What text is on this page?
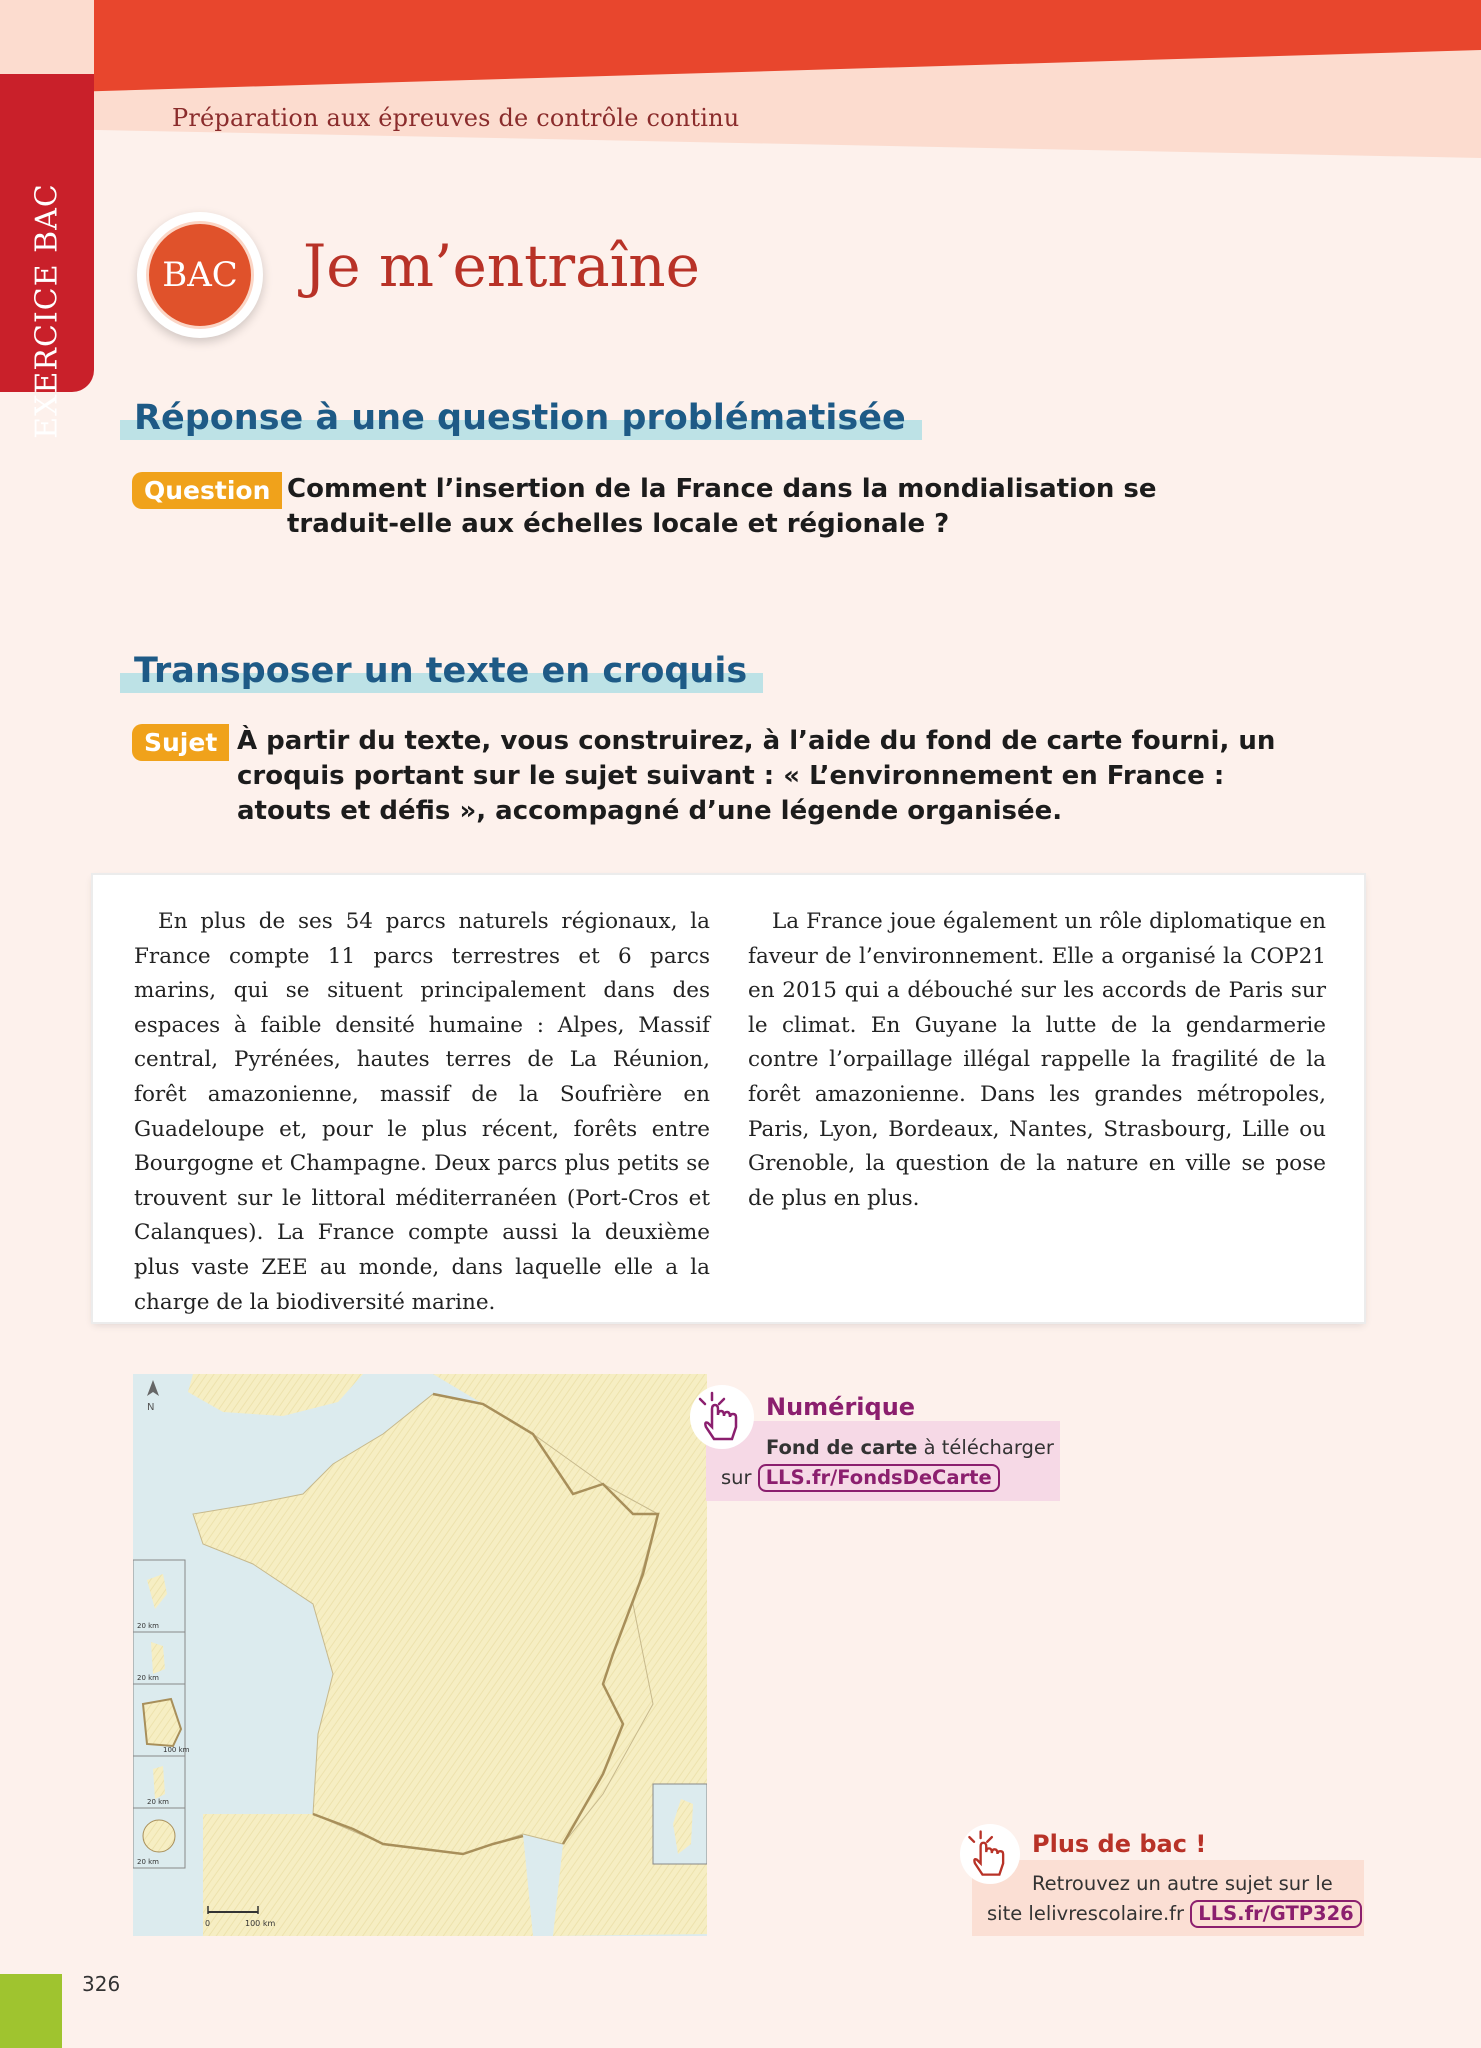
Préparation aux épreuves de contrôle continu
EXERCICE BAC	BAC Je m’entraîne
Réponse à une question problématisée
Question Comment l’insertion de la France dans la mondialisation se traduit-elle aux échelles locale et régionale ?
Transposer un texte en croquis
Sujet À partir du texte, vous construirez, à l’aide du fond de carte fourni, un croquis portant sur le sujet suivant : « L’environnement en France : atouts et défis », accompagné d’une légende organisée.

En plus de ses 54 parcs naturels régionaux, la France compte 11 parcs terrestres et 6 parcs marins, qui se situent principalement dans des espaces à faible densité humaine : Alpes, Massif central, Pyrénées, hautes terres de La Réunion, forêt amazonienne, massif de la Soufrière en Guadeloupe et, pour le plus récent, forêts entre Bourgogne et Champagne. Deux parcs plus petits se trouvent sur le littoral méditerranéen (Port-Cros et Calanques). La France compte aussi la deuxième plus vaste ZEE au monde, dans laquelle elle a la charge de la biodiversité marine.

La France joue également un rôle diplomatique en faveur de l’environnement. Elle a organisé la COP21 en 2015 qui a débouché sur les accords de Paris sur le climat. En Guyane la lutte de la gendarmerie contre l’orpaillage illégal rappelle la fragilité de la forêt amazonienne. Dans les grandes métropoles, Paris, Lyon, Bordeaux, Nantes, Strasbourg, Lille ou Grenoble, la question de la nature en ville se pose de plus en plus.

N
0	100 km
20 km
20 km
100 km
20 km
20 km
Numérique
Fond de carte à télécharger
sur LLS.fr/FondsDeCarte
Plus de bac !
Retrouvez un autre sujet sur le
site lelivrescolaire.fr LLS.fr/GTP326
326
